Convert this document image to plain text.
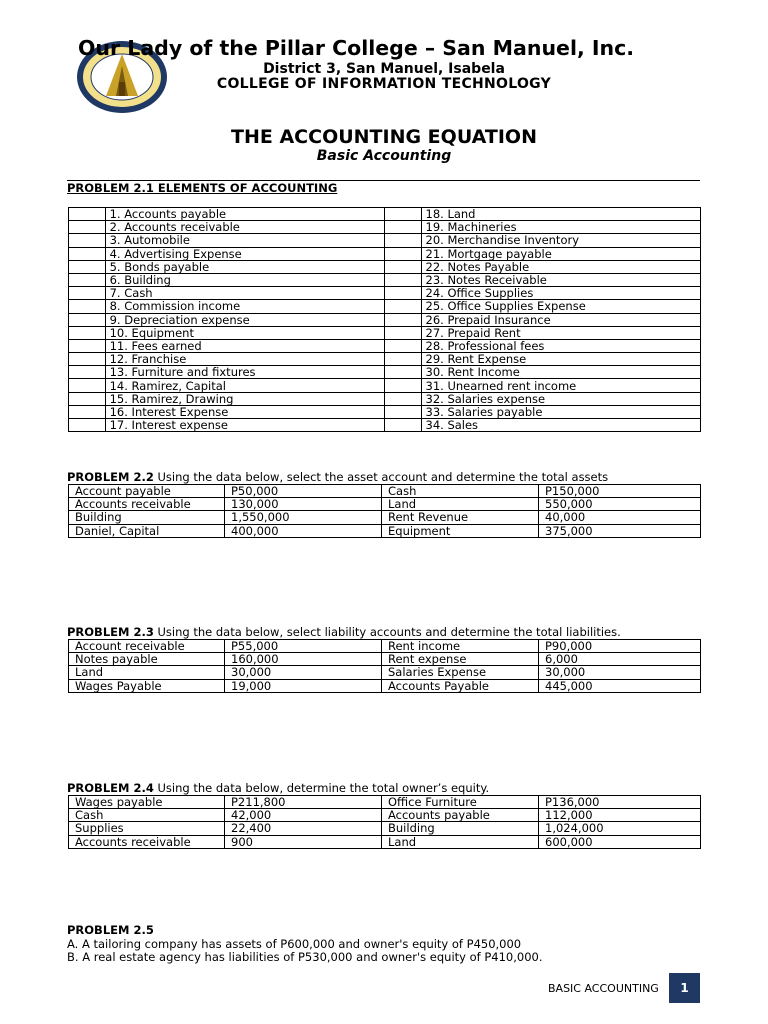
Our Lady of the Pillar College – San Manuel, Inc.
District 3, San Manuel, Isabela
COLLEGE OF INFORMATION TECHNOLOGY
THE ACCOUNTING EQUATION
Basic Accounting
PROBLEM 2.1 ELEMENTS OF ACCOUNTING
	1. Accounts payable		18. Land
	2. Accounts receivable		19. Machineries
	3. Automobile		20. Merchandise Inventory
	4. Advertising Expense		21. Mortgage payable
	5. Bonds payable		22. Notes Payable
	6. Building		23. Notes Receivable
	7. Cash		24. Office Supplies
	8. Commission income		25. Office Supplies Expense
	9. Depreciation expense		26. Prepaid Insurance
	10. Equipment		27. Prepaid Rent
	11. Fees earned		28. Professional fees
	12. Franchise		29. Rent Expense
	13. Furniture and fixtures		30. Rent Income
	14. Ramirez, Capital		31. Unearned rent income
	15. Ramirez, Drawing		32. Salaries expense
	16. Interest Expense		33. Salaries payable
	17. Interest expense		34. Sales
PROBLEM 2.2 Using the data below, select the asset account and determine the total assets
Account payable	P50,000	Cash	P150,000
Accounts receivable	130,000	Land	550,000
Building	1,550,000	Rent Revenue	40,000
Daniel, Capital	400,000	Equipment	375,000
PROBLEM 2.3 Using the data below, select liability accounts and determine the total liabilities.
Account receivable	P55,000	Rent income	P90,000
Notes payable	160,000	Rent expense	6,000
Land	30,000	Salaries Expense	30,000
Wages Payable	19,000	Accounts Payable	445,000
PROBLEM 2.4 Using the data below, determine the total owner’s equity.
Wages payable	P211,800	Office Furniture	P136,000
Cash	42,000	Accounts payable	112,000
Supplies	22,400	Building	1,024,000
Accounts receivable	900	Land	600,000
PROBLEM 2.5
A. A tailoring company has assets of P600,000 and owner's equity of P450,000
B. A real estate agency has liabilities of P530,000 and owner's equity of P410,000.
BASIC ACCOUNTING	1
